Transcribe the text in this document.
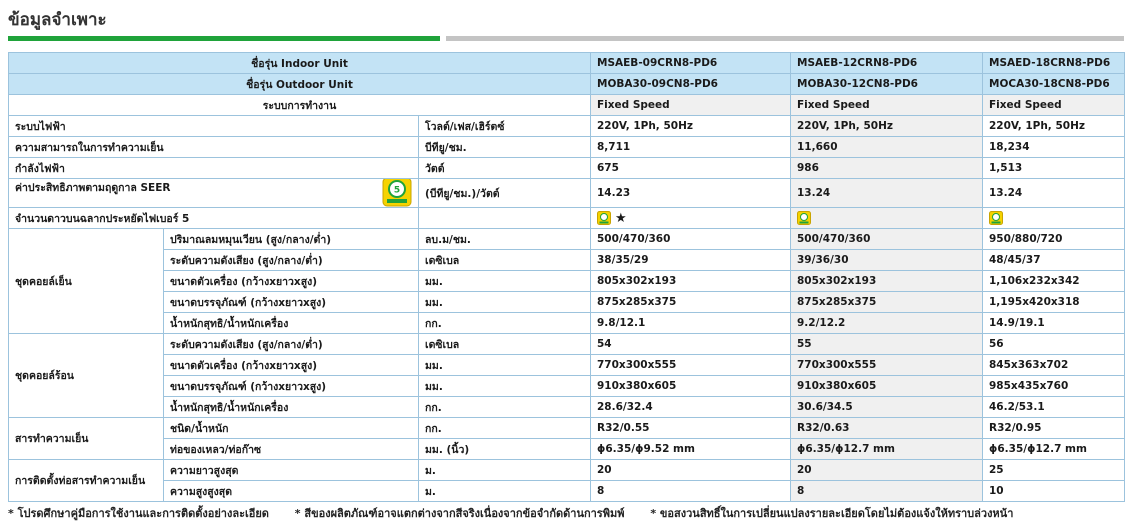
ข้อมูลจำเพาะ
ชื่อรุ่น Indoor Unit			MSAEB-09CRN8-PD6	MSAEB-12CRN8-PD6	MSAED-18CRN8-PD6
ชื่อรุ่น Outdoor Unit			MOBA30-09CN8-PD6	MOBA30-12CN8-PD6	MOCA30-18CN8-PD6
ระบบการทำงาน			Fixed Speed	Fixed Speed	Fixed Speed
ระบบไฟฟ้า		โวลต์/เฟส/เฮิร์ตซ์	220V, 1Ph, 50Hz	220V, 1Ph, 50Hz	220V, 1Ph, 50Hz
ความสามารถในการทำความเย็น		บีทียู/ชม.	8,711	11,660	18,234
กำลังไฟฟ้า		วัตต์	675	986	1,513
ค่าประสิทธิภาพตามฤดูกาล SEER 5		(บีทียู/ชม.)/วัตต์	14.23	13.24	13.24
จำนวนดาวบนฉลากประหยัดไฟเบอร์ 5			★		
ชุดคอยล์เย็น	ปริมาณลมหมุนเวียน (สูง/กลาง/ต่ำ)	ลบ.ม/ชม.	500/470/360	500/470/360	950/880/720
	ระดับความดังเสียง (สูง/กลาง/ต่ำ)	เดซิเบล	38/35/29	39/36/30	48/45/37
	ขนาดตัวเครื่อง (กว้างxยาวxสูง)	มม.	805x302x193	805x302x193	1,106x232x342
	ขนาดบรรจุภัณฑ์ (กว้างxยาวxสูง)	มม.	875x285x375	875x285x375	1,195x420x318
	น้ำหนักสุทธิ/น้ำหนักเครื่อง	กก.	9.8/12.1	9.2/12.2	14.9/19.1
ชุดคอยล์ร้อน	ระดับความดังเสียง (สูง/กลาง/ต่ำ)	เดซิเบล	54	55	56
	ขนาดตัวเครื่อง (กว้างxยาวxสูง)	มม.	770x300x555	770x300x555	845x363x702
	ขนาดบรรจุภัณฑ์ (กว้างxยาวxสูง)	มม.	910x380x605	910x380x605	985x435x760
	น้ำหนักสุทธิ/น้ำหนักเครื่อง	กก.	28.6/32.4	30.6/34.5	46.2/53.1
สารทำความเย็น	ชนิด/น้ำหนัก	กก.	R32/0.55	R32/0.63	R32/0.95
	ท่อของเหลว/ท่อก๊าซ	มม. (นิ้ว)	ϕ6.35/ϕ9.52 mm	ϕ6.35/ϕ12.7 mm	ϕ6.35/ϕ12.7 mm
การติดตั้งท่อสารทำความเย็น	ความยาวสูงสุด	ม.	20	20	25
	ความสูงสูงสุด	ม.	8	8	10
* โปรดศึกษาคู่มือการใช้งานและการติดตั้งอย่างละเอียด * สีของผลิตภัณฑ์อาจแตกต่างจากสีจริงเนื่องจากข้อจำกัดด้านการพิมพ์ * ขอสงวนสิทธิ์ในการเปลี่ยนแปลงรายละเอียดโดยไม่ต้องแจ้งให้ทราบล่วงหน้า
